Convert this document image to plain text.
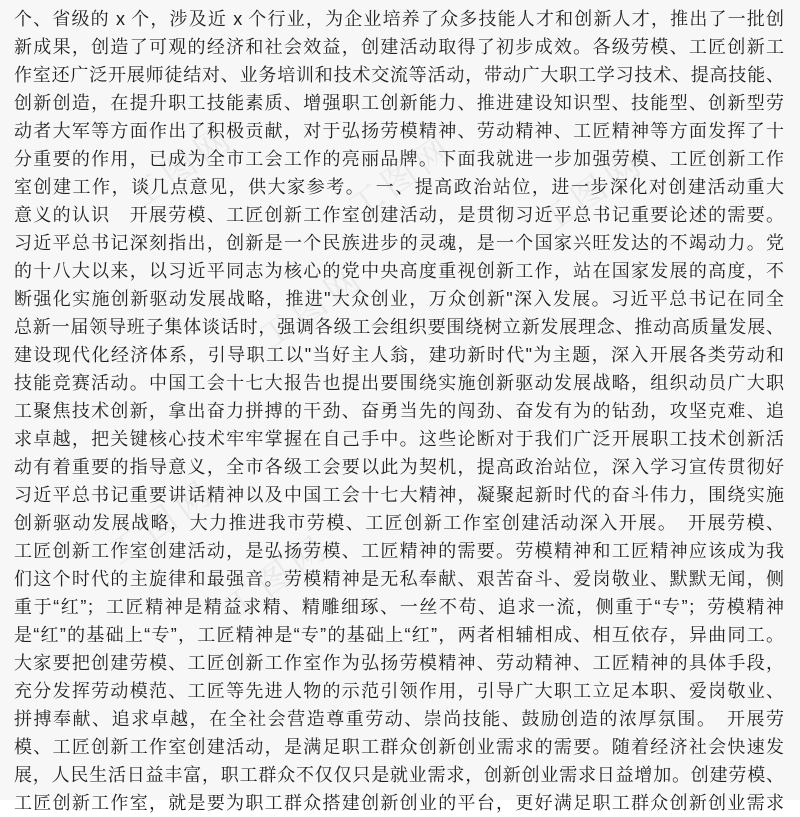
工图网	工图网 工图网
工图网
工图网
工图网
个、省级的 x 个，涉及近 x 个行业，为企业培养了众多技能人才和创新人才，推出了一批创
新成果，创造了可观的经济和社会效益，创建活动取得了初步成效。各级劳模、工匠创新工
作室还广泛开展师徒结对、业务培训和技术交流等活动，带动广大职工学习技术、提高技能、
创新创造，在提升职工技能素质、增强职工创新能力、推进建设知识型、技能型、创新型劳
动者大军等方面作出了积极贡献，对于弘扬劳模精神、劳动精神、工匠精神等方面发挥了十
分重要的作用，已成为全市工会工作的亮丽品牌。下面我就进一步加强劳模、工匠创新工作
室创建工作，谈几点意见，供大家参考。　一、提高政治站位，进一步深化对创建活动重大
意义的认识　开展劳模、工匠创新工作室创建活动，是贯彻习近平总书记重要论述的需要。
习近平总书记深刻指出，创新是一个民族进步的灵魂，是一个国家兴旺发达的不竭动力。党
的十八大以来，以习近平同志为核心的党中央高度重视创新工作，站在国家发展的高度，不
断强化实施创新驱动发展战略，推进"大众创业，万众创新"深入发展。习近平总书记在同全
总新一届领导班子集体谈话时，强调各级工会组织要围绕树立新发展理念、推动高质量发展、
建设现代化经济体系，引导职工以"当好主人翁，建功新时代"为主题，深入开展各类劳动和
技能竞赛活动。中国工会十七大报告也提出要围绕实施创新驱动发展战略，组织动员广大职
工聚焦技术创新，拿出奋力拼搏的干劲、奋勇当先的闯劲、奋发有为的钻劲，攻坚克难、追
求卓越，把关键核心技术牢牢掌握在自己手中。这些论断对于我们广泛开展职工技术创新活
动有着重要的指导意义，全市各级工会要以此为契机，提高政治站位，深入学习宣传贯彻好
习近平总书记重要讲话精神以及中国工会十七大精神，凝聚起新时代的奋斗伟力，围绕实施
创新驱动发展战略，大力推进我市劳模、工匠创新工作室创建活动深入开展。　开展劳模、
工匠创新工作室创建活动，是弘扬劳模、工匠精神的需要。劳模精神和工匠精神应该成为我
们这个时代的主旋律和最强音。劳模精神是无私奉献、艰苦奋斗、爱岗敬业、默默无闻，侧
重于“红”；工匠精神是精益求精、精雕细琢、一丝不苟、追求一流，侧重于“专”；劳模精神
是“红”的基础上“专”，工匠精神是“专”的基础上“红”，两者相辅相成、相互依存，异曲同工。
大家要把创建劳模、工匠创新工作室作为弘扬劳模精神、劳动精神、工匠精神的具体手段，
充分发挥劳动模范、工匠等先进人物的示范引领作用，引导广大职工立足本职、爱岗敬业、
拼搏奉献、追求卓越，在全社会营造尊重劳动、崇尚技能、鼓励创造的浓厚氛围。　开展劳
模、工匠创新工作室创建活动，是满足职工群众创新创业需求的需要。随着经济社会快速发
展，人民生活日益丰富，职工群众不仅仅只是就业需求，创新创业需求日益增加。创建劳模、
工匠创新工作室，就是要为职工群众搭建创新创业的平台，更好满足职工群众创新创业需求
